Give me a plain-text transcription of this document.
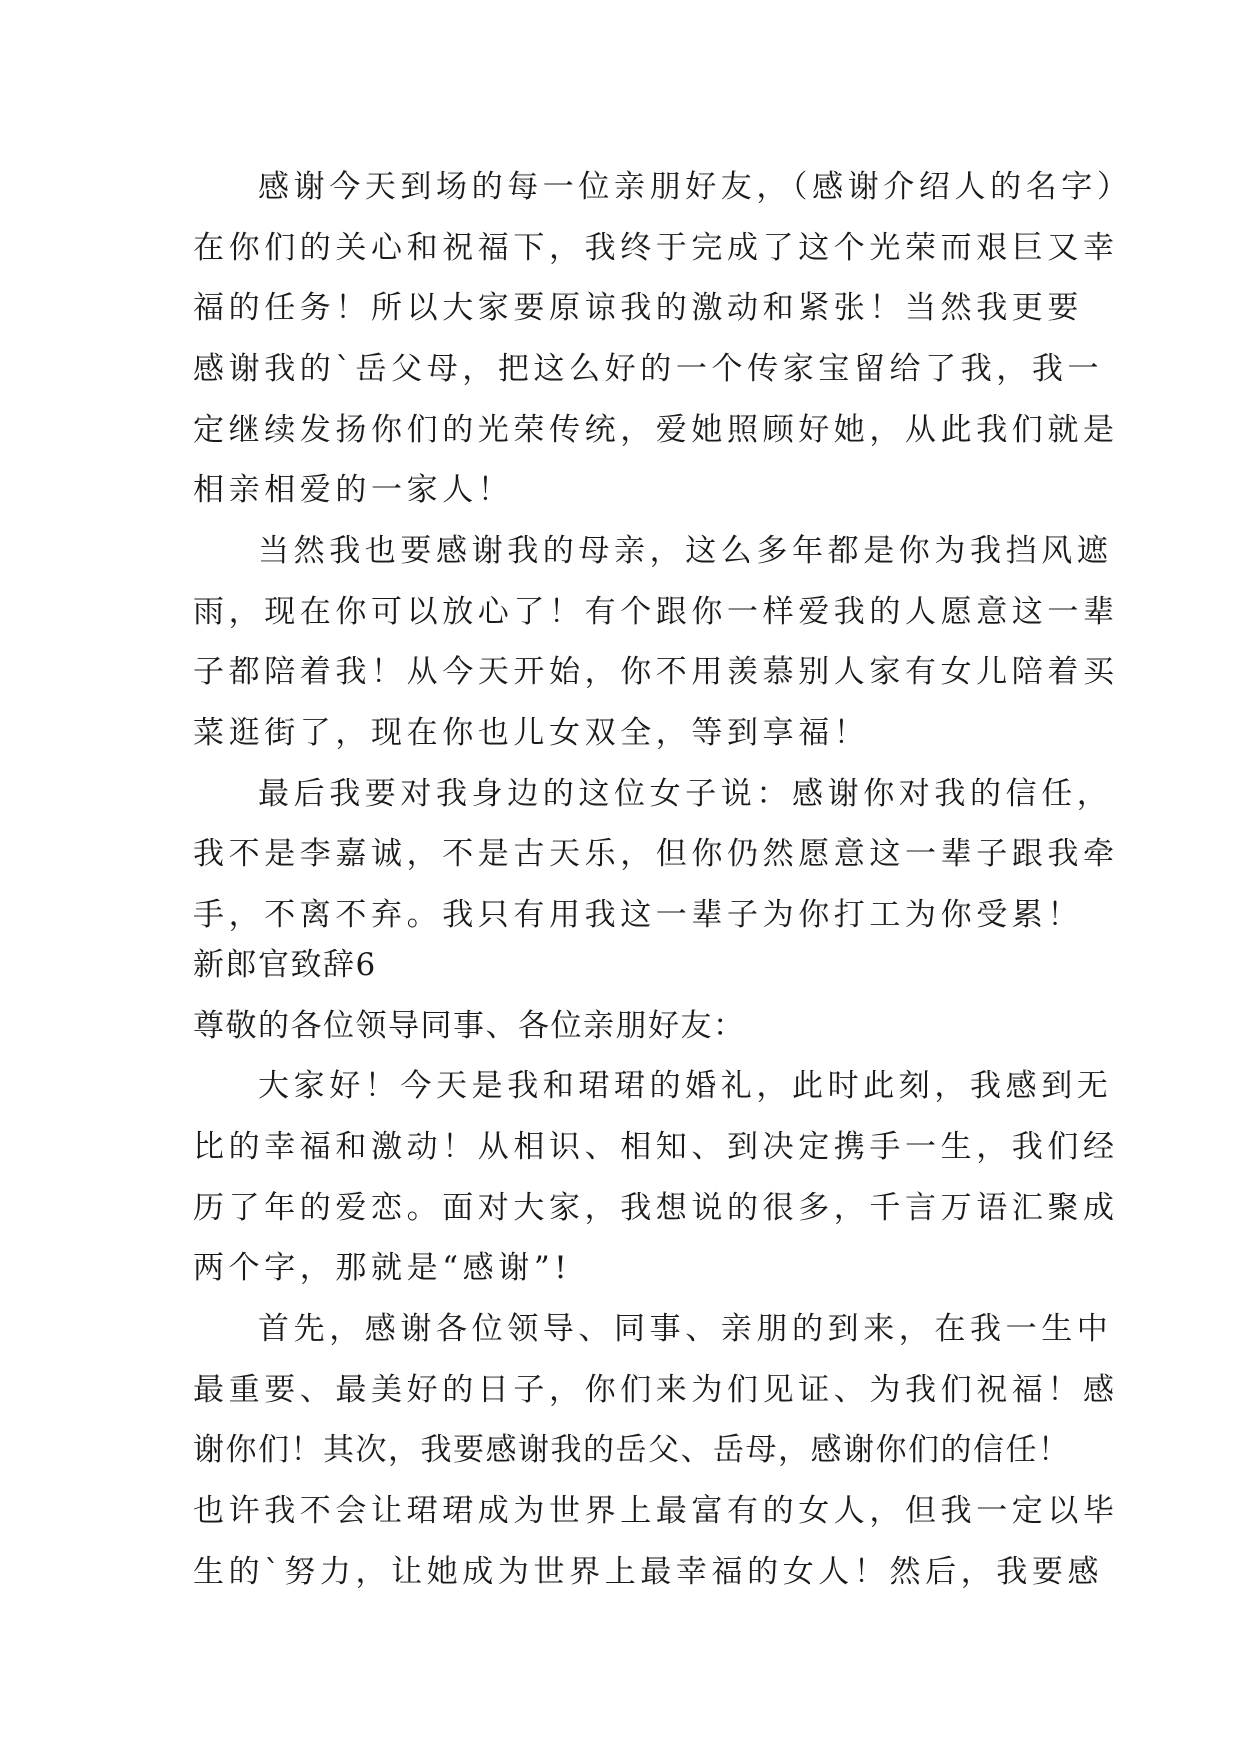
感谢今天到场的每一位亲朋好友，（感谢介绍人的名字）
在你们的关心和祝福下，我终于完成了这个光荣而艰巨又幸
福的任务！所以大家要原谅我的激动和紧张！当然我更要
感谢我的`岳父母，把这么好的一个传家宝留给了我，我一
定继续发扬你们的光荣传统，爱她照顾好她，从此我们就是
相亲相爱的一家人！
当然我也要感谢我的母亲，这么多年都是你为我挡风遮
雨，现在你可以放心了！有个跟你一样爱我的人愿意这一辈
子都陪着我！从今天开始，你不用羡慕别人家有女儿陪着买
菜逛街了，现在你也儿女双全，等到享福！
最后我要对我身边的这位女子说：感谢你对我的信任，
我不是李嘉诚，不是古天乐，但你仍然愿意这一辈子跟我牵
手，不离不弃。我只有用我这一辈子为你打工为你受累！
新郎官致辞6
尊敬的各位领导同事、各位亲朋好友：
大家好！今天是我和珺珺的婚礼，此时此刻，我感到无
比的幸福和激动！从相识、相知、到决定携手一生，我们经
历了年的爱恋。面对大家，我想说的很多，千言万语汇聚成
两个字，那就是“感谢”!
首先，感谢各位领导、同事、亲朋的到来，在我一生中
最重要、最美好的日子，你们来为们见证、为我们祝福！感
谢你们！其次，我要感谢我的岳父、岳母，感谢你们的信任！
也许我不会让珺珺成为世界上最富有的女人，但我一定以毕
生的`努力，让她成为世界上最幸福的女人！然后，我要感
